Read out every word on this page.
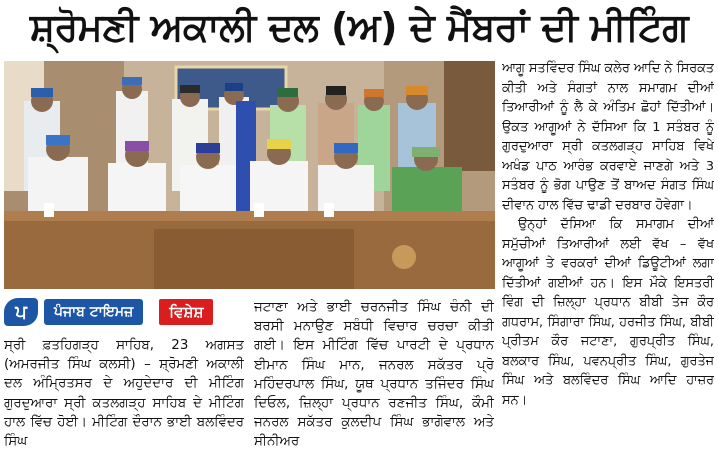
ਸ਼੍ਰੋਮਣੀ ਅਕਾਲੀ ਦਲ (ਅ) ਦੇ ਮੈਂਬਰਾਂ ਦੀ ਮੀਟਿੰਗ
ਪ	ਪੰਜਾਬ ਟਾਇਮਜ਼	ਵਿਸ਼ੇਸ਼

ਸ੍ਰੀ ਫ਼ਤਹਿਗੜ੍ਹ ਸਾਹਿਬ, 23 ਅਗਸਤ (ਅਮਰਜੀਤ ਸਿੰਘ ਕਲਸੀ) – ਸ਼੍ਰੋਮਣੀ ਅਕਾਲੀ ਦਲ ਅੰਮ੍ਰਿਤਸਰ ਦੇ ਅਹੁਦੇਦਾਰ ਦੀ ਮੀਟਿੰਗ ਗੁਰਦੁਆਰਾ ਸ੍ਰੀ ਕਤਲਗੜ੍ਹ ਸਾਹਿਬ ਦੇ ਮੀਟਿੰਗ ਹਾਲ ਵਿੱਚ ਹੋਈ। ਮੀਟਿੰਗ ਦੌਰਾਨ ਭਾਈ ਬਲਵਿੰਦਰ ਸਿੰਘ

ਜਟਾਣਾ ਅਤੇ ਭਾਈ ਚਰਨਜੀਤ ਸਿੰਘ ਚੰਨੀ ਦੀ ਬਰਸੀ ਮਨਾਉਣ ਸਬੰਧੀ ਵਿਚਾਰ ਚਰਚਾ ਕੀਤੀ ਗਈ। ਇਸ ਮੀਟਿੰਗ ਵਿੱਚ ਪਾਰਟੀ ਦੇ ਪ੍ਰਧਾਨ ਈਮਾਨ ਸਿੰਘ ਮਾਨ, ਜਨਰਲ ਸਕੱਤਰ ਪ੍ਰੋ ਮਹਿੰਦਰਪਾਲ ਸਿੰਘ, ਯੂਥ ਪ੍ਰਧਾਨ ਤਜਿੰਦਰ ਸਿੰਘ ਦਿਓਲ, ਜ਼ਿਲ੍ਹਾ ਪ੍ਰਧਾਨ ਰਣਜੀਤ ਸਿੰਘ, ਕੌਮੀ ਜਨਰਲ ਸਕੱਤਰ ਕੁਲਦੀਪ ਸਿੰਘ ਭਾਗੋਵਾਲ ਅਤੇ ਸੀਨੀਅਰ

ਆਗੂ ਸਤਵਿੰਦਰ ਸਿੰਘ ਕਲੇਰ ਆਦਿ ਨੇ ਸਿਰਕਤ ਕੀਤੀ ਅਤੇ ਸੰਗਤਾਂ ਨਾਲ ਸਮਾਗਮ ਦੀਆਂ ਤਿਆਰੀਆਂ ਨੂੰ ਲੈ ਕੇ ਅੰਤਿਮ ਛੋਹਾਂ ਦਿੱਤੀਆਂ। ਉਕਤ ਆਗੂਆਂ ਨੇ ਦੱਸਿਆ ਕਿ 1 ਸਤੰਬਰ ਨੂੰ ਗੁਰਦੁਆਰਾ ਸ੍ਰੀ ਕਤਲਗੜ੍ਹ ਸਾਹਿਬ ਵਿਖੇ ਅਖੰਡ ਪਾਠ ਆਰੰਭ ਕਰਵਾਏ ਜਾਣਗੇ ਅਤੇ 3 ਸਤੰਬਰ ਨੂੰ ਭੋਗ ਪਾਉਣ ਤੋਂ ਬਾਅਦ ਸੰਗਤ ਸਿੰਘ ਦੀਵਾਨ ਹਾਲ ਵਿੱਚ ਢਾਡੀ ਦਰਬਾਰ ਹੋਵੇਗਾ।

ਉਨ੍ਹਾਂ ਦੱਸਿਆ ਕਿ ਸਮਾਗਮ ਦੀਆਂ ਸਮੁੱਚੀਆਂ ਤਿਆਰੀਆਂ ਲਈ ਵੱਖ – ਵੱਖ ਆਗੂਆਂ ਤੇ ਵਰਕਰਾਂ ਦੀਆਂ ਡਿਊਟੀਆਂ ਲਗਾ ਦਿੱਤੀਆਂ ਗਈਆਂ ਹਨ। ਇਸ ਮੌਕੇ ਇਸਤਰੀ ਵਿੰਗ ਦੀ ਜ਼ਿਲ੍ਹਾ ਪ੍ਰਧਾਨ ਬੀਬੀ ਤੇਜ ਕੌਰ ਗਧਰਾਮ, ਸਿੰਗਾਰਾ ਸਿੰਘ, ਹਰਜੀਤ ਸਿੰਘ, ਬੀਬੀ ਪ੍ਰੀਤਮ ਕੌਰ ਜਟਾਣਾ, ਗੁਰਪ੍ਰੀਤ ਸਿੰਘ, ਬਲਕਾਰ ਸਿੰਘ, ਪਵਨਪ੍ਰੀਤ ਸਿੰਘ, ਗੁਰਤੇਜ ਸਿੰਘ ਅਤੇ ਬਲਵਿੰਦਰ ਸਿੰਘ ਆਦਿ ਹਾਜ਼ਰ ਸਨ।
